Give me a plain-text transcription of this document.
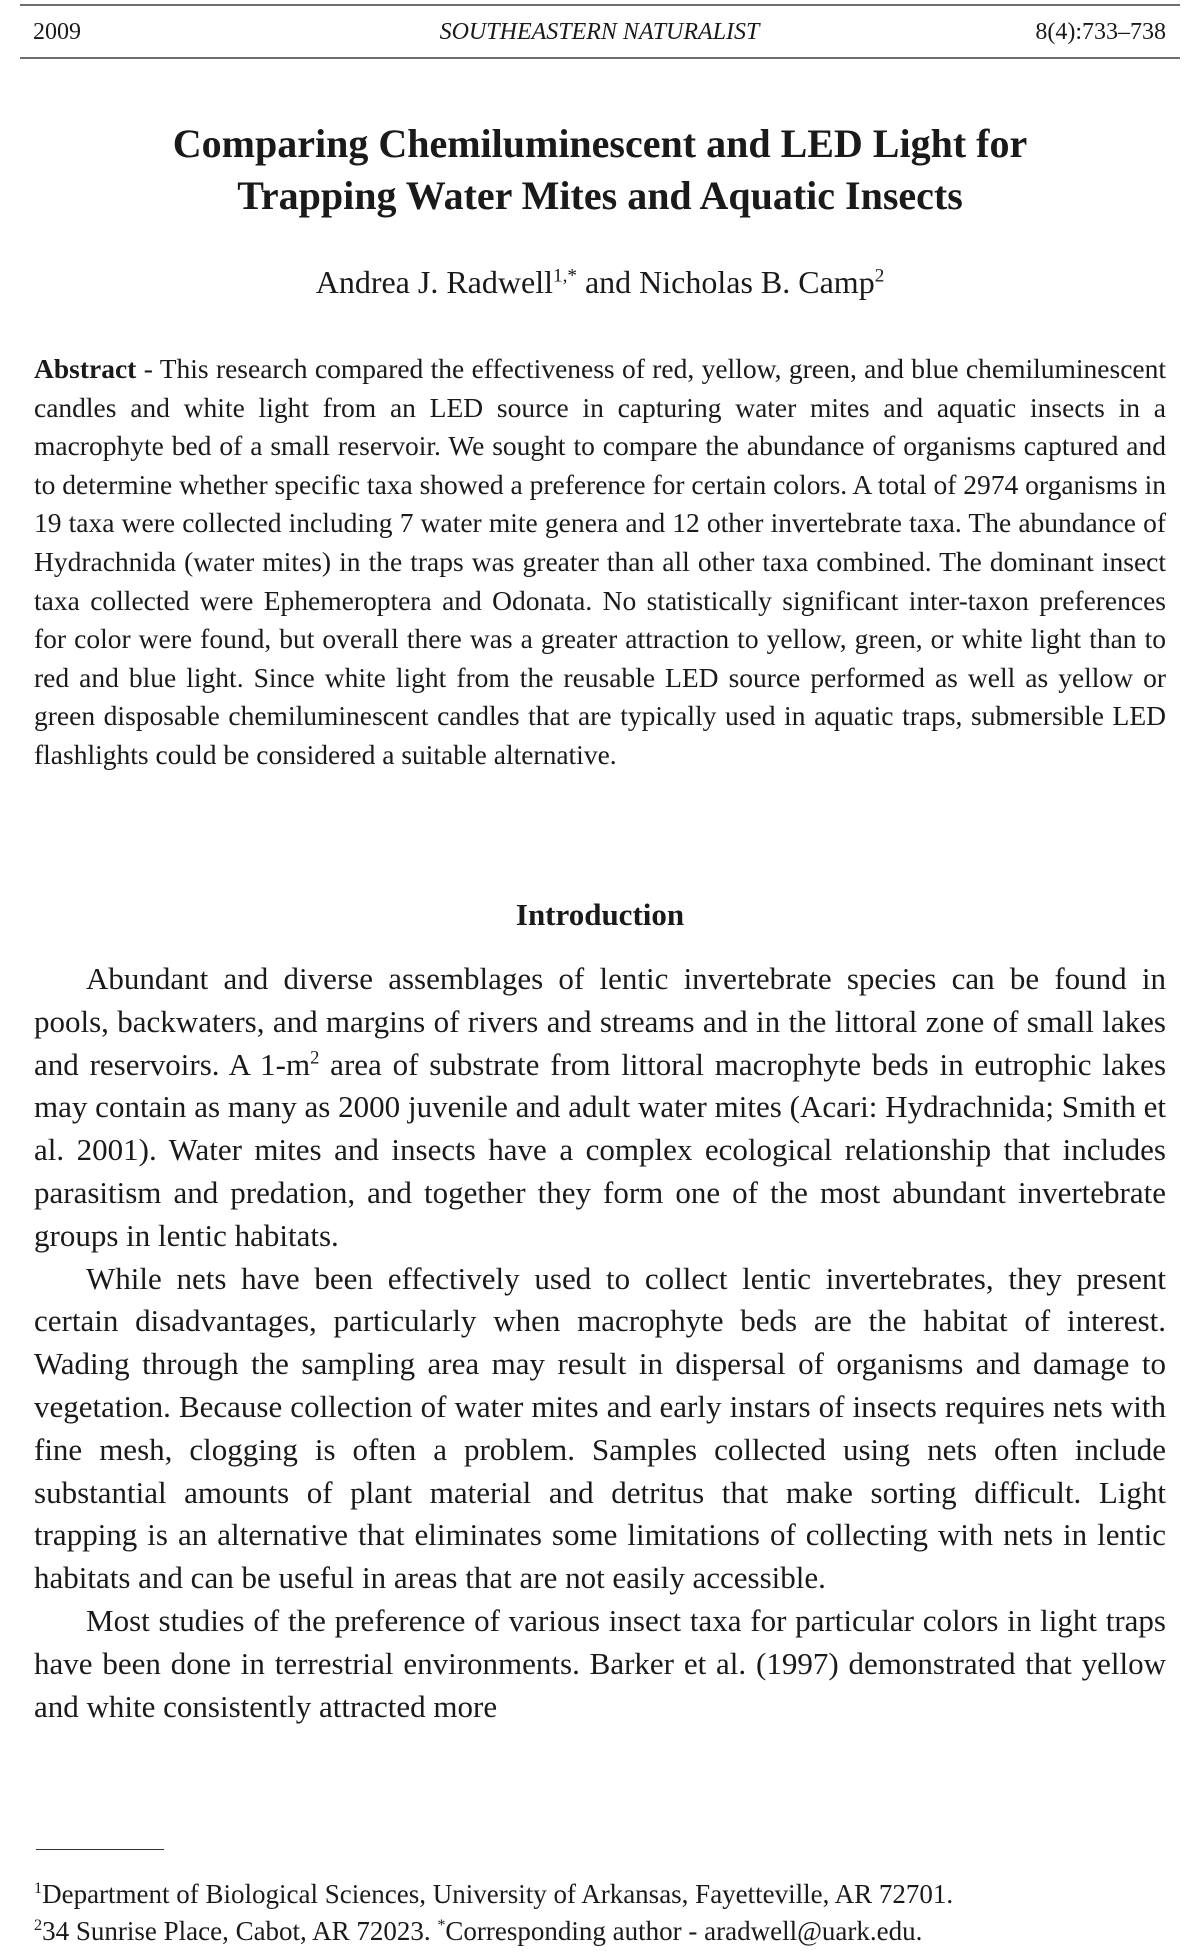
2009	SOUTHEASTERN NATURALIST	8(4):733–738
Comparing Chemiluminescent and LED Light for
Trapping Water Mites and Aquatic Insects
Andrea J. Radwell$^{1,*}$ and Nicholas B. Camp$^2$
Abstract - This research compared the effectiveness of red, yellow, green, and blue chemiluminescent candles and white light from an LED source in capturing water mites and aquatic insects in a macrophyte bed of a small reservoir. We sought to compare the abundance of organisms captured and to determine whether specific taxa showed a preference for certain colors. A total of 2974 organisms in 19 taxa were collected including 7 water mite genera and 12 other invertebrate taxa. The abundance of Hydrachnida (water mites) in the traps was greater than all other taxa combined. The dominant insect taxa collected were Ephemeroptera and Odonata. No statistically significant inter-taxon preferences for color were found, but overall there was a greater attraction to yellow, green, or white light than to red and blue light. Since white light from the reusable LED source performed as well as yellow or green disposable chemiluminescent candles that are typically used in aquatic traps, submersible LED flashlights could be considered a suitable alternative.
Introduction

Abundant and diverse assemblages of lentic invertebrate species can be found in pools, backwaters, and margins of rivers and streams and in the littoral zone of small lakes and reservoirs. A $1-m^2$ area of substrate from littoral macrophyte beds in eutrophic lakes may contain as many as 2000 juvenile and adult water mites (Acari: Hydrachnida; Smith et al. 2001). Water mites and insects have a complex ecological relationship that includes parasitism and predation, and together they form one of the most abundant invertebrate groups in lentic habitats.

While nets have been effectively used to collect lentic invertebrates, they present certain disadvantages, particularly when macrophyte beds are the habitat of interest. Wading through the sampling area may result in dispersal of organisms and damage to vegetation. Because collection of water mites and early instars of insects requires nets with fine mesh, clogging is often a problem. Samples collected using nets often include substantial amounts of plant material and detritus that make sorting difficult. Light trapping is an alternative that eliminates some limitations of collecting with nets in lentic habitats and can be useful in areas that are not easily accessible.

Most studies of the preference of various insect taxa for particular colors in light traps have been done in terrestrial environments. Barker et al. (1997) demonstrated that yellow and white consistently attracted more

$^1$Department of Biological Sciences, University of Arkansas, Fayetteville, AR 72701.

$^2$34 Sunrise Place, Cabot, AR 72023. *Corresponding author - aradwell@uark.edu.
